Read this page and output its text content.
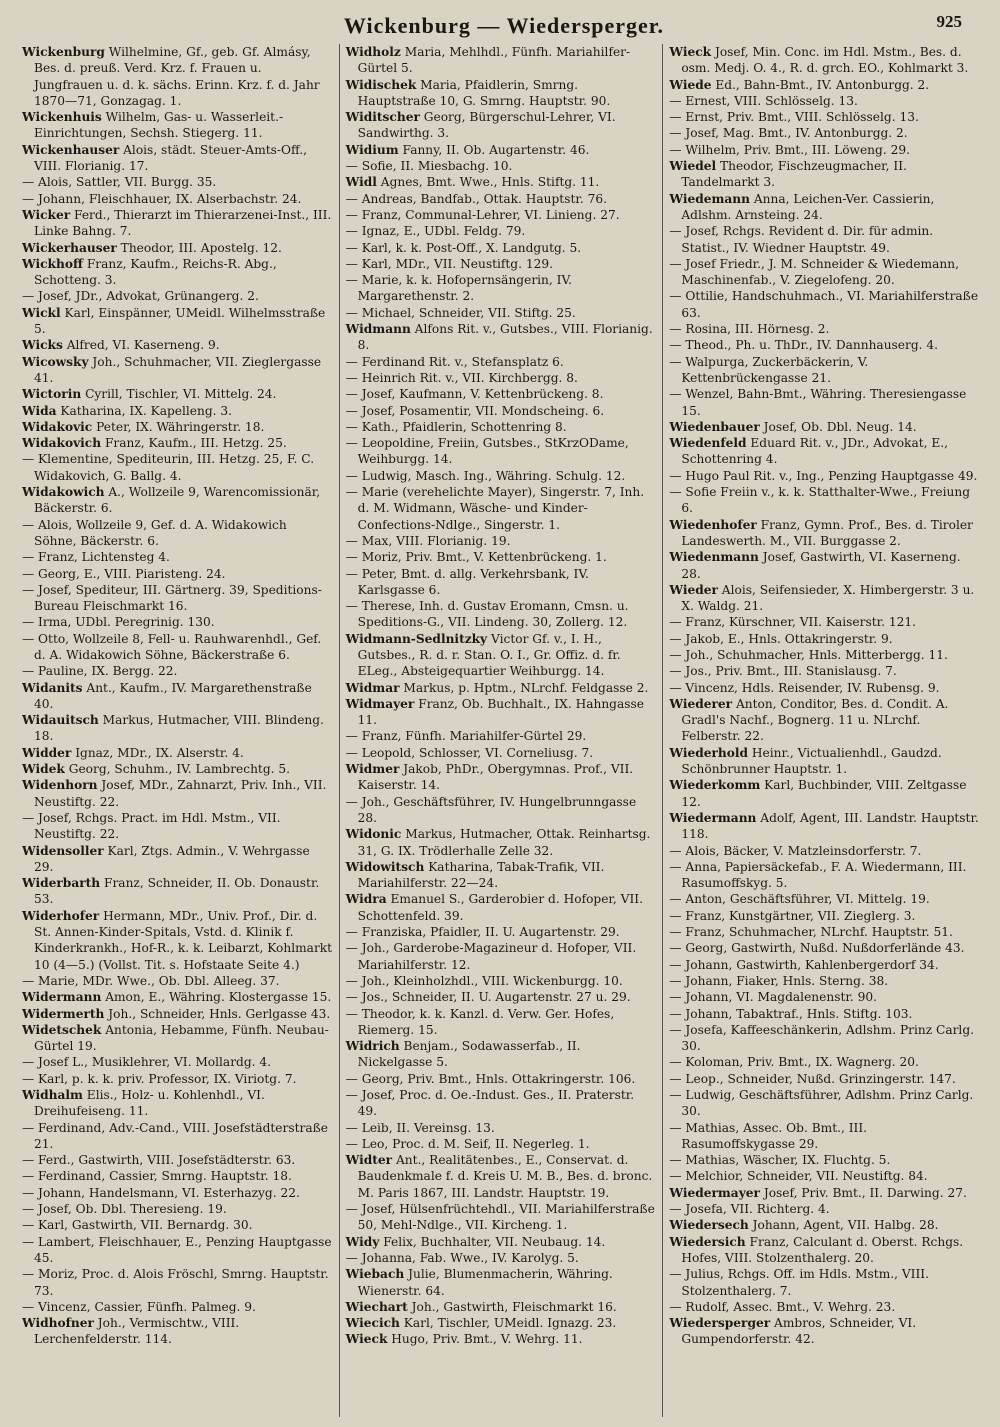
Wickenburg — Wiedersperger.	925
Wickenburg Wilhelmine, Gf., geb. Gf. Almásy, Bes. d. preuß. Verd. Krz. f. Frauen u. Jungfrauen u. d. k. sächs. Erinn. Krz. f. d. Jahr 1870—71, Gonzagag. 1.
Wickenhuis Wilhelm, Gas- u. Wasserleit.-Einrichtungen, Sechsh. Stiegerg. 11.
Wickenhauser Alois, städt. Steuer-Amts-Off., VIII. Florianig. 17.
— Alois, Sattler, VII. Burgg. 35.
— Johann, Fleischhauer, IX. Alserbachstr. 24.
Wicker Ferd., Thierarzt im Thierarzenei-Inst., III. Linke Bahng. 7.
Wickerhauser Theodor, III. Apostelg. 12.
Wickhoff Franz, Kaufm., Reichs-R. Abg., Schotteng. 3.
— Josef, JDr., Advokat, Grünangerg. 2.
Wickl Karl, Einspänner, UMeidl. Wilhelmsstraße 5.
Wicks Alfred, VI. Kaserneng. 9.
Wicowsky Joh., Schuhmacher, VII. Zieglergasse 41.
Wictorin Cyrill, Tischler, VI. Mittelg. 24.
Wida Katharina, IX. Kapelleng. 3.
Widakovic Peter, IX. Währingerstr. 18.
Widakovich Franz, Kaufm., III. Hetzg. 25.
— Klementine, Spediteurin, III. Hetzg. 25, F. C. Widakovich, G. Ballg. 4.
Widakowich A., Wollzeile 9, Warencomissionär, Bäckerstr. 6.
— Alois, Wollzeile 9, Gef. d. A. Widakowich Söhne, Bäckerstr. 6.
— Franz, Lichtensteg 4.
— Georg, E., VIII. Piaristeng. 24.
— Josef, Spediteur, III. Gärtnerg. 39, Speditions-Bureau Fleischmarkt 16.
— Irma, UDbl. Peregrinig. 130.
— Otto, Wollzeile 8, Fell- u. Rauhwarenhdl., Gef. d. A. Widakowich Söhne, Bäckerstraße 6.
— Pauline, IX. Bergg. 22.
Widanits Ant., Kaufm., IV. Margarethenstraße 40.
Widauitsch Markus, Hutmacher, VIII. Blindeng. 18.
Widder Ignaz, MDr., IX. Alserstr. 4.
Widek Georg, Schuhm., IV. Lambrechtg. 5.
Widenhorn Josef, MDr., Zahnarzt, Priv. Inh., VII. Neustiftg. 22.
— Josef, Rchgs. Pract. im Hdl. Mstm., VII. Neustiftg. 22.
Widensoller Karl, Ztgs. Admin., V. Wehrgasse 29.
Widerbarth Franz, Schneider, II. Ob. Donaustr. 53.
Widerhofer Hermann, MDr., Univ. Prof., Dir. d. St. Annen-Kinder-Spitals, Vstd. d. Klinik f. Kinderkrankh., Hof-R., k. k. Leibarzt, Kohlmarkt 10 (4—5.) (Vollst. Tit. s. Hofstaate Seite 4.)
— Marie, MDr. Wwe., Ob. Dbl. Alleeg. 37.
Widermann Amon, E., Währing. Klostergasse 15.
Widermerth Joh., Schneider, Hnls. Gerlgasse 43.
Widetschek Antonia, Hebamme, Fünfh. Neubau-Gürtel 19.
— Josef L., Musiklehrer, VI. Mollardg. 4.
— Karl, p. k. k. priv. Professor, IX. Viriotg. 7.
Widhalm Elis., Holz- u. Kohlenhdl., VI. Dreihufeiseng. 11.
— Ferdinand, Adv.-Cand., VIII. Josefstädterstraße 21.
— Ferd., Gastwirth, VIII. Josefstädterstr. 63.
— Ferdinand, Cassier, Smrng. Hauptstr. 18.
— Johann, Handelsmann, VI. Esterhazyg. 22.
— Josef, Ob. Dbl. Theresieng. 19.
— Karl, Gastwirth, VII. Bernardg. 30.
— Lambert, Fleischhauer, E., Penzing Hauptgasse 45.
— Moriz, Proc. d. Alois Fröschl, Smrng. Hauptstr. 73.
— Vincenz, Cassier, Fünfh. Palmeg. 9.
Widhofner Joh., Vermischtw., VIII. Lerchenfelderstr. 114.
Widholz Maria, Mehlhdl., Fünfh. Mariahilfer-Gürtel 5.
Widischek Maria, Pfaidlerin, Smrng. Hauptstraße 10, G. Smrng. Hauptstr. 90.
Widitscher Georg, Bürgerschul-Lehrer, VI. Sandwirthg. 3.
Widium Fanny, II. Ob. Augartenstr. 46.
— Sofie, II. Miesbachg. 10.
Widl Agnes, Bmt. Wwe., Hnls. Stiftg. 11.
— Andreas, Bandfab., Ottak. Hauptstr. 76.
— Franz, Communal-Lehrer, VI. Linieng. 27.
— Ignaz, E., UDbl. Feldg. 79.
— Karl, k. k. Post-Off., X. Landgutg. 5.
— Karl, MDr., VII. Neustiftg. 129.
— Marie, k. k. Hofopernsängerin, IV. Margarethenstr. 2.
— Michael, Schneider, VII. Stiftg. 25.
Widmann Alfons Rit. v., Gutsbes., VIII. Florianig. 8.
— Ferdinand Rit. v., Stefansplatz 6.
— Heinrich Rit. v., VII. Kirchbergg. 8.
— Josef, Kaufmann, V. Kettenbrückeng. 8.
— Josef, Posamentir, VII. Mondscheing. 6.
— Kath., Pfaidlerin, Schottenring 8.
— Leopoldine, Freiin, Gutsbes., StKrzODame, Weihburgg. 14.
— Ludwig, Masch. Ing., Währing. Schulg. 12.
— Marie (verehelichte Mayer), Singerstr. 7, Inh. d. M. Widmann, Wäsche- und Kinder-Confections-Ndlge., Singerstr. 1.
— Max, VIII. Florianig. 19.
— Moriz, Priv. Bmt., V. Kettenbrückeng. 1.
— Peter, Bmt. d. allg. Verkehrsbank, IV. Karlsgasse 6.
— Therese, Inh. d. Gustav Eromann, Cmsn. u. Speditions-G., VII. Lindeng. 30, Zollerg. 12.
Widmann-Sedlnitzky Victor Gf. v., I. H., Gutsbes., R. d. r. Stan. O. I., Gr. Offiz. d. fr. ELeg., Absteigequartier Weihburgg. 14.
Widmar Markus, p. Hptm., NLrchf. Feldgasse 2.
Widmayer Franz, Ob. Buchhalt., IX. Hahngasse 11.
— Franz, Fünfh. Mariahilfer-Gürtel 29.
— Leopold, Schlosser, VI. Corneliusg. 7.
Widmer Jakob, PhDr., Obergymnas. Prof., VII. Kaiserstr. 14.
— Joh., Geschäftsführer, IV. Hungelbrunngasse 28.
Widonic Markus, Hutmacher, Ottak. Reinhartsg. 31, G. IX. Trödlerhalle Zelle 32.
Widowitsch Katharina, Tabak-Trafik, VII. Mariahilferstr. 22—24.
Widra Emanuel S., Garderobier d. Hofoper, VII. Schottenfeld. 39.
— Franziska, Pfaidler, II. U. Augartenstr. 29.
— Joh., Garderobe-Magazineur d. Hofoper, VII. Mariahilferstr. 12.
— Joh., Kleinholzhdl., VIII. Wickenburgg. 10.
— Jos., Schneider, II. U. Augartenstr. 27 u. 29.
— Theodor, k. k. Kanzl. d. Verw. Ger. Hofes, Riemerg. 15.
Widrich Benjam., Sodawasserfab., II. Nickelgasse 5.
— Georg, Priv. Bmt., Hnls. Ottakringerstr. 106.
— Josef, Proc. d. Oe.-Indust. Ges., II. Praterstr. 49.
— Leib, II. Vereinsg. 13.
— Leo, Proc. d. M. Seif, II. Negerleg. 1.
Widter Ant., Realitätenbes., E., Conservat. d. Baudenkmale f. d. Kreis U. M. B., Bes. d. bronc. M. Paris 1867, III. Landstr. Hauptstr. 19.
— Josef, Hülsenfrüchtehdl., VII. Mariahilferstraße 50, Mehl-Ndlge., VII. Kircheng. 1.
Widy Felix, Buchhalter, VII. Neubaug. 14.
— Johanna, Fab. Wwe., IV. Karolyg. 5.
Wiebach Julie, Blumenmacherin, Währing. Wienerstr. 64.
Wiechart Joh., Gastwirth, Fleischmarkt 16.
Wiecich Karl, Tischler, UMeidl. Ignazg. 23.
Wieck Hugo, Priv. Bmt., V. Wehrg. 11.
Wieck Josef, Min. Conc. im Hdl. Mstm., Bes. d. osm. Medj. O. 4., R. d. grch. EO., Kohlmarkt 3.
Wiede Ed., Bahn-Bmt., IV. Antonburgg. 2.
— Ernest, VIII. Schlösselg. 13.
— Ernst, Priv. Bmt., VIII. Schlösselg. 13.
— Josef, Mag. Bmt., IV. Antonburgg. 2.
— Wilhelm, Priv. Bmt., III. Löweng. 29.
Wiedel Theodor, Fischzeugmacher, II. Tandelmarkt 3.
Wiedemann Anna, Leichen-Ver. Cassierin, Adlshm. Arnsteing. 24.
— Josef, Rchgs. Revident d. Dir. für admin. Statist., IV. Wiedner Hauptstr. 49.
— Josef Friedr., J. M. Schneider & Wiedemann, Maschinenfab., V. Ziegelofeng. 20.
— Ottilie, Handschuhmach., VI. Mariahilferstraße 63.
— Rosina, III. Hörnesg. 2.
— Theod., Ph. u. ThDr., IV. Dannhauserg. 4.
— Walpurga, Zuckerbäckerin, V. Kettenbrückengasse 21.
— Wenzel, Bahn-Bmt., Währing. Theresiengasse 15.
Wiedenbauer Josef, Ob. Dbl. Neug. 14.
Wiedenfeld Eduard Rit. v., JDr., Advokat, E., Schottenring 4.
— Hugo Paul Rit. v., Ing., Penzing Hauptgasse 49.
— Sofie Freiin v., k. k. Statthalter-Wwe., Freiung 6.
Wiedenhofer Franz, Gymn. Prof., Bes. d. Tiroler Landeswerth. M., VII. Burggasse 2.
Wiedenmann Josef, Gastwirth, VI. Kaserneng. 28.
Wieder Alois, Seifensieder, X. Himbergerstr. 3 u. X. Waldg. 21.
— Franz, Kürschner, VII. Kaiserstr. 121.
— Jakob, E., Hnls. Ottakringerstr. 9.
— Joh., Schuhmacher, Hnls. Mitterbergg. 11.
— Jos., Priv. Bmt., III. Stanislausg. 7.
— Vincenz, Hdls. Reisender, IV. Rubensg. 9.
Wiederer Anton, Conditor, Bes. d. Condit. A. Gradl's Nachf., Bognerg. 11 u. NLrchf. Felberstr. 22.
Wiederhold Heinr., Victualienhdl., Gaudzd. Schönbrunner Hauptstr. 1.
Wiederkomm Karl, Buchbinder, VIII. Zeltgasse 12.
Wiedermann Adolf, Agent, III. Landstr. Hauptstr. 118.
— Alois, Bäcker, V. Matzleinsdorferstr. 7.
— Anna, Papiersäckefab., F. A. Wiedermann, III. Rasumoffskyg. 5.
— Anton, Geschäftsführer, VI. Mittelg. 19.
— Franz, Kunstgärtner, VII. Zieglerg. 3.
— Franz, Schuhmacher, NLrchf. Hauptstr. 51.
— Georg, Gastwirth, Nußd. Nußdorferlände 43.
— Johann, Gastwirth, Kahlenbergerdorf 34.
— Johann, Fiaker, Hnls. Sterng. 38.
— Johann, VI. Magdalenenstr. 90.
— Johann, Tabaktraf., Hnls. Stiftg. 103.
— Josefa, Kaffeeschänkerin, Adlshm. Prinz Carlg. 30.
— Koloman, Priv. Bmt., IX. Wagnerg. 20.
— Leop., Schneider, Nußd. Grinzingerstr. 147.
— Ludwig, Geschäftsführer, Adlshm. Prinz Carlg. 30.
— Mathias, Assec. Ob. Bmt., III. Rasumoffskygasse 29.
— Mathias, Wäscher, IX. Fluchtg. 5.
— Melchior, Schneider, VII. Neustiftg. 84.
Wiedermayer Josef, Priv. Bmt., II. Darwing. 27.
— Josefa, VII. Richterg. 4.
Wiedersech Johann, Agent, VII. Halbg. 28.
Wiedersich Franz, Calculant d. Oberst. Rchgs. Hofes, VIII. Stolzenthalerg. 20.
— Julius, Rchgs. Off. im Hdls. Mstm., VIII. Stolzenthalerg. 7.
— Rudolf, Assec. Bmt., V. Wehrg. 23.
Wiedersperger Ambros, Schneider, VI. Gumpendorferstr. 42.
